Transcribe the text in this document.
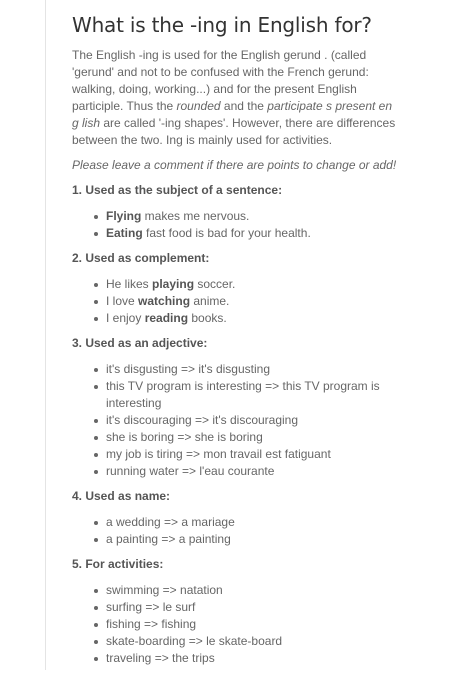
What is the -ing in English for?

The English -ing is used for the English gerund . (called 'gerund' and not to be confused with the French gerund: walking, doing, working...) and for the present English participle. Thus the rounded and the participate s present en g lish are called '-ing shapes'. However, there are differences between the two. Ing is mainly used for activities.

Please leave a comment if there are points to change or add!

1. Used as the subject of a sentence:
Flying makes me nervous.
Eating fast food is bad for your health.
2. Used as complement:
He likes playing soccer.
I love watching anime.
I enjoy reading books.
3. Used as an adjective:
it's disgusting => it's disgusting
this TV program is interesting => this TV program is interesting
it's discouraging => it's discouraging
she is boring => she is boring
my job is tiring => mon travail est fatiguant
running water => l'eau courante
4. Used as name:
a wedding => a mariage
a painting => a painting
5. For activities:
swimming => natation
surfing => le surf
fishing => fishing
skate-boarding => le skate-board
traveling => the trips
